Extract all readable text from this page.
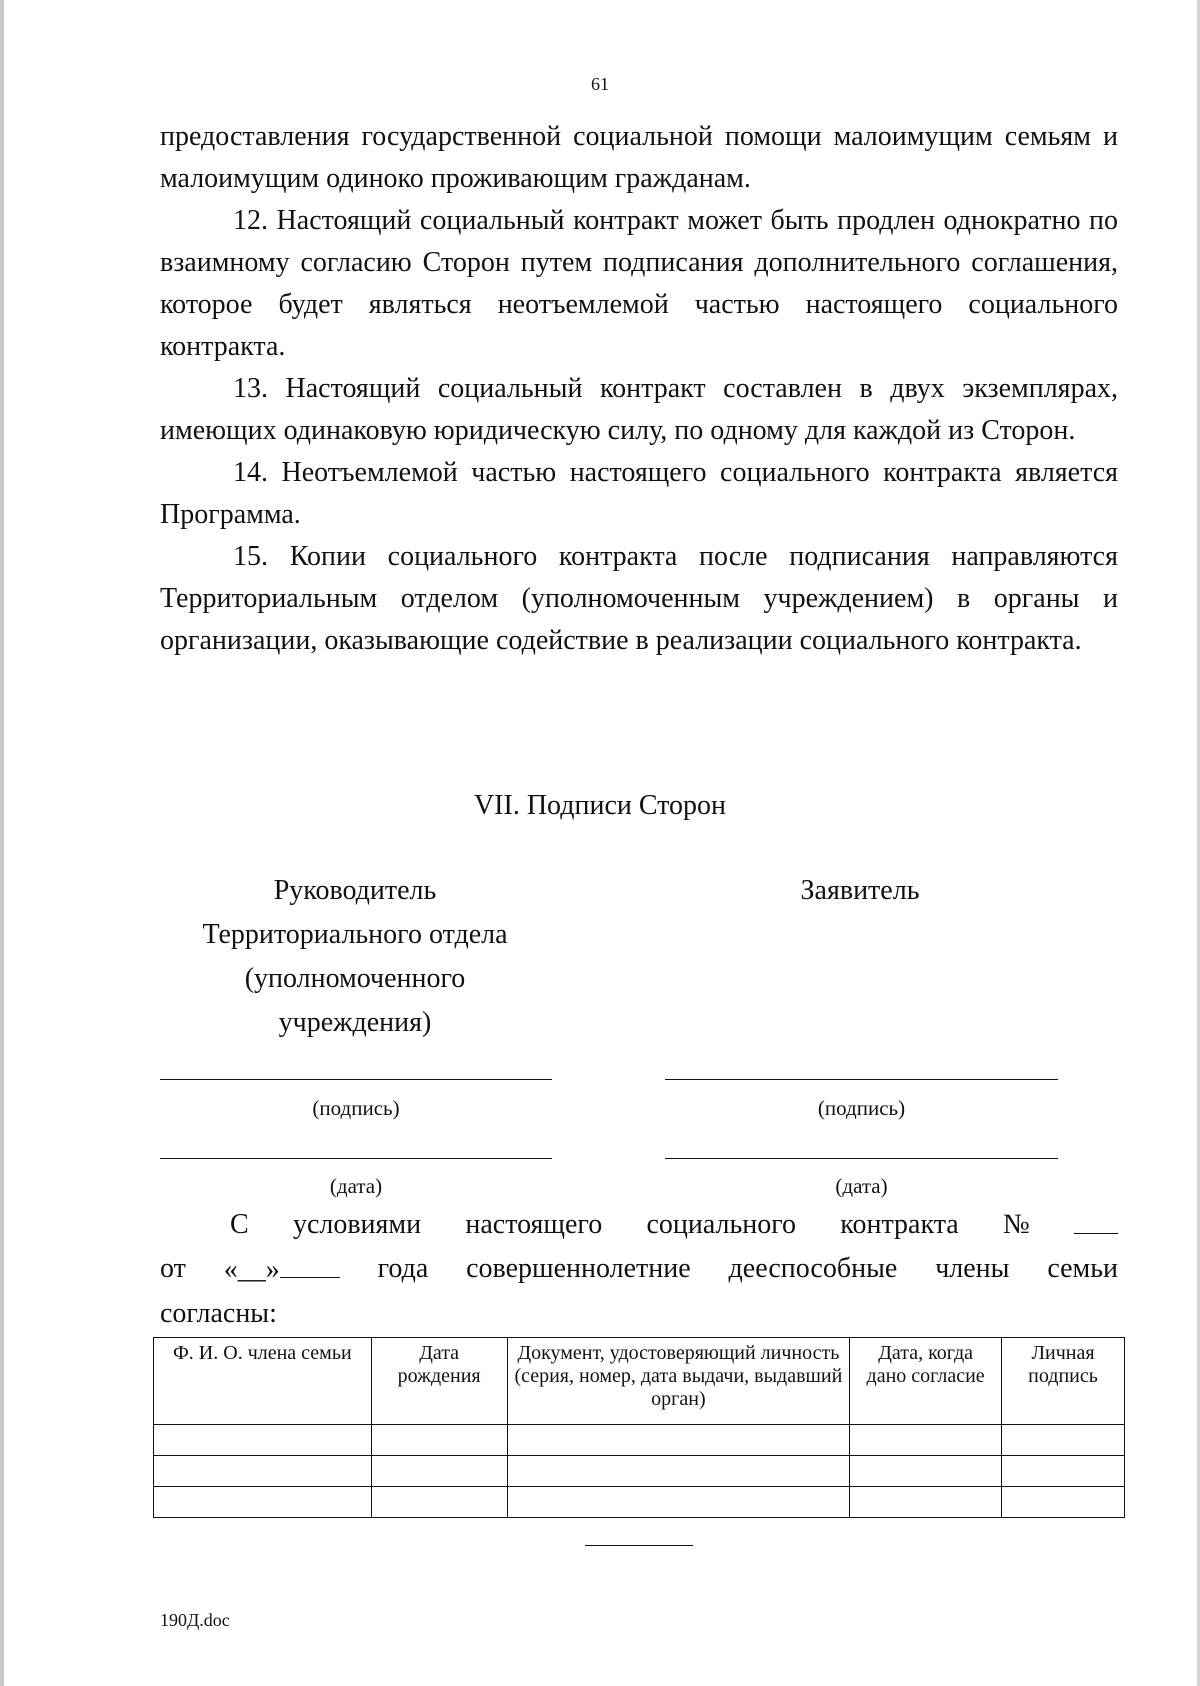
61

предоставления государственной социальной помощи малоимущим семьям и малоимущим одиноко проживающим гражданам.

12. Настоящий социальный контракт может быть продлен однократно по взаимному согласию Сторон путем подписания дополнительного соглашения, которое будет являться неотъемлемой частью настоящего социального контракта.

13. Настоящий социальный контракт составлен в двух экземплярах, имеющих одинаковую юридическую силу, по одному для каждой из Сторон.

14. Неотъемлемой частью настоящего социального контракта является Программа.

15. Копии социального контракта после подписания направляются Территориальным отделом (уполномоченным учреждением) в органы и организации, оказывающие содействие в реализации социального контракта.

VII. Подписи Сторон
Руководитель
Территориального отдела
(уполномоченного
учреждения)
Заявитель
(подпись)
(дата)
(подпись)
(дата)
С условиями настоящего социального контракта №
от «__»	года совершеннолетние дееспособные члены семьи
согласны:
Ф. И. О. члена семьи	Дата рождения	Документ, удостоверяющий личность (серия, номер, дата выдачи, выдавший орган)	Дата, когда дано согласие	Личная подпись

190Д.doc
